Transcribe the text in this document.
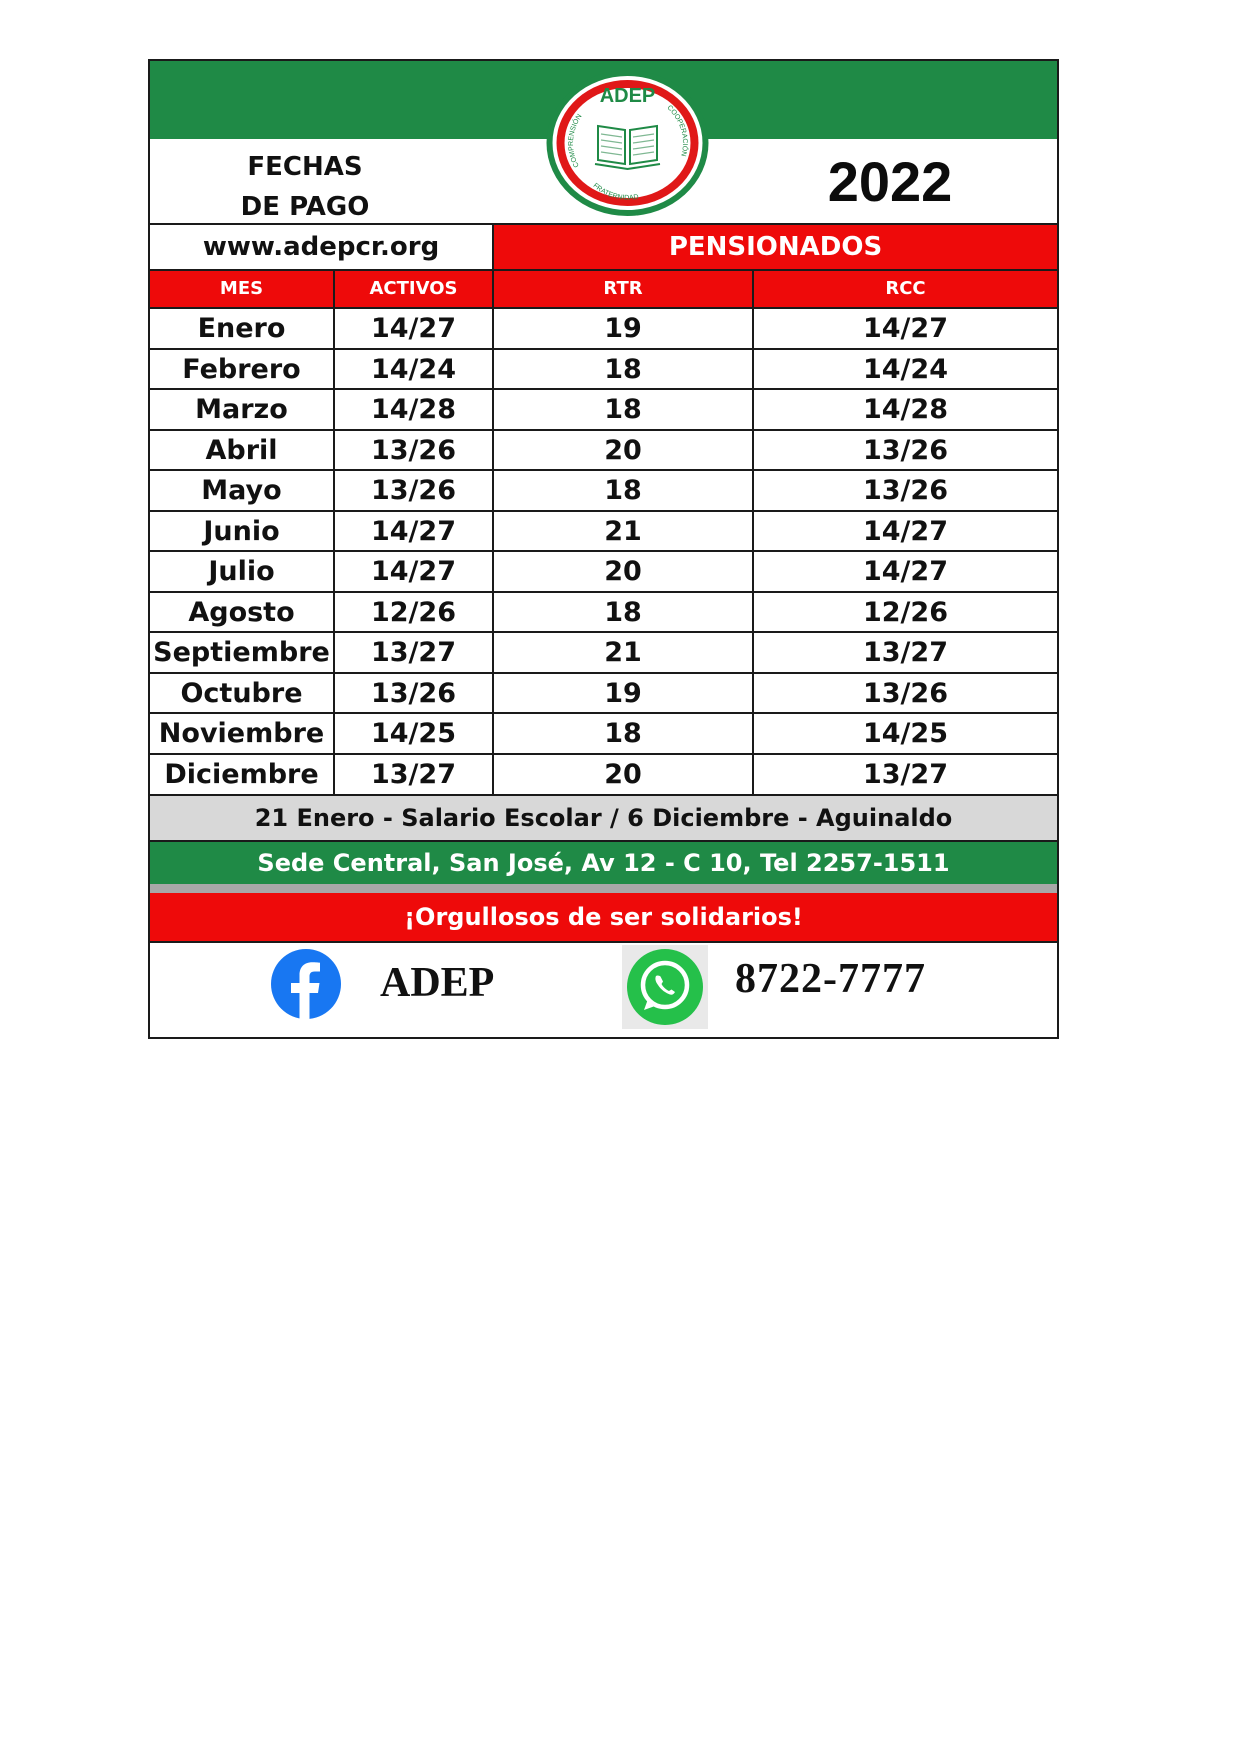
FECHAS
DE PAGO
ADEP
COMPRENSIÓN
FRATERNIDAD
COOPERACIÓN	2022
www.adepcr.org	PENSIONADOS
MES	ACTIVOS	RTR	RCC
Enero	14/27	19	14/27
Febrero	14/24	18	14/24
Marzo	14/28	18	14/28
Abril	13/26	20	13/26
Mayo	13/26	18	13/26
Junio	14/27	21	14/27
Julio	14/27	20	14/27
Agosto	12/26	18	12/26
Septiembre	13/27	21	13/27
Octubre	13/26	19	13/26
Noviembre	14/25	18	14/25
Diciembre	13/27	20	13/27
21 Enero - Salario Escolar / 6 Diciembre - Aguinaldo
Sede Central, San José, Av 12 - C 10, Tel 2257-1511
¡Orgullosos de ser solidarios!
ADEP	8722-7777
